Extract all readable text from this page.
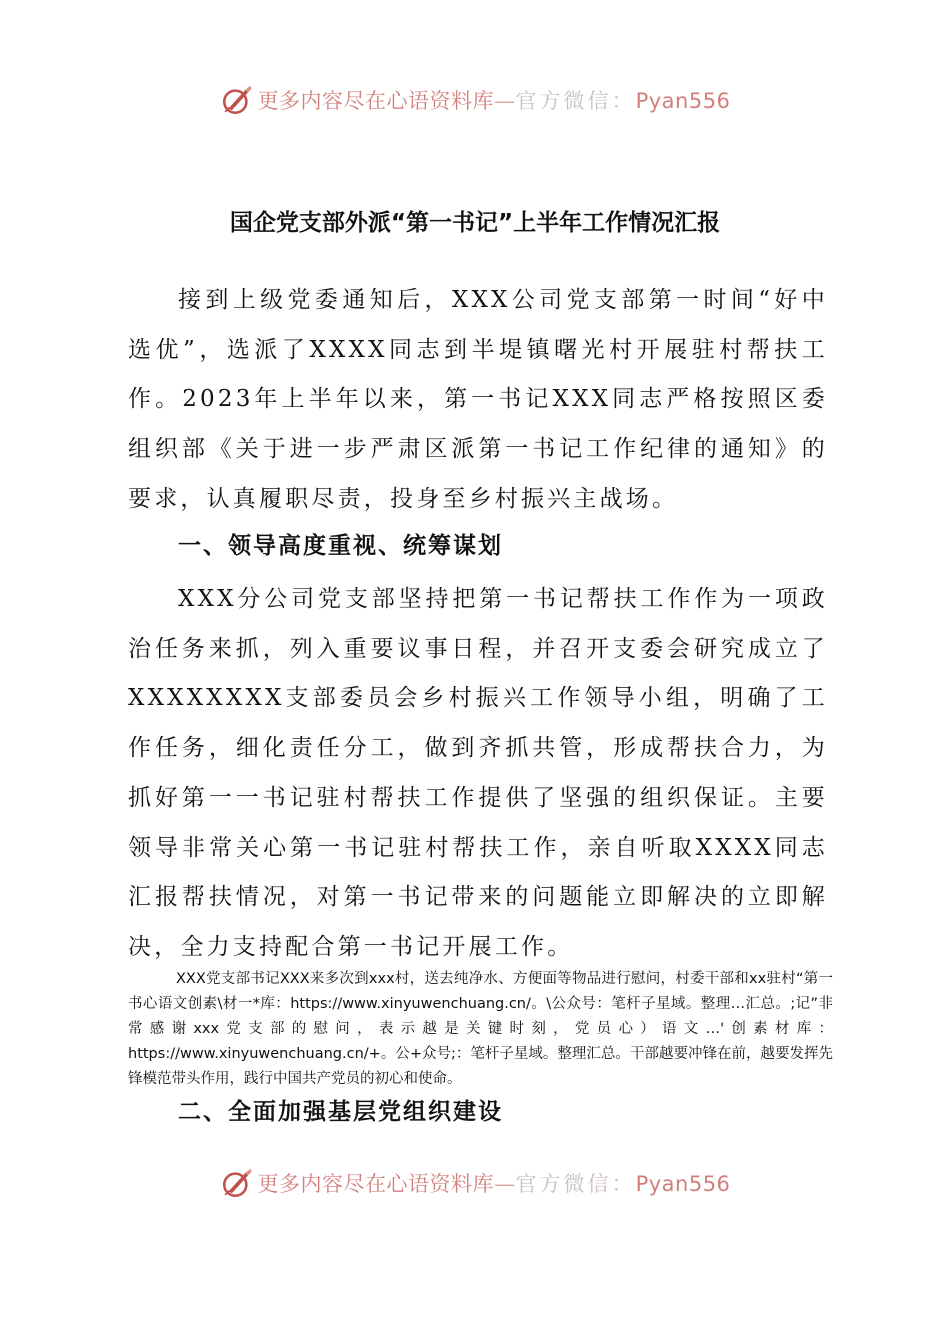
更多内容尽在心语资料库—官方微信：Pyan556
国企党支部外派“第一书记”上半年工作情况汇报

接到上级党委通知后，XXX公司党支部第一时间“好中选优”，选派了XXXX同志到半堤镇曙光村开展驻村帮扶工作。2023年上半年以来，第一书记XXX同志严格按照区委组织部《关于进一步严肃区派第一书记工作纪律的通知》的要求，认真履职尽责，投身至乡村振兴主战场。

一、领导高度重视、统筹谋划

XXX分公司党支部坚持把第一书记帮扶工作作为一项政治任务来抓，列入重要议事日程，并召开支委会研究成立了XXXXXXXX支部委员会乡村振兴工作领导小组，明确了工作任务，细化责任分工，做到齐抓共管，形成帮扶合力，为抓好第一一书记驻村帮扶工作提供了坚强的组织保证。主要领导非常关心第一书记驻村帮扶工作，亲自听取XXXX同志汇报帮扶情况，对第一书记带来的问题能立即解决的立即解决，全力支持配合第一书记开展工作。

XXX党支部书记XXX来多次到xxx村，送去纯净水、方便面等物品进行慰问，村委干部和xx驻村“第一书心语文创素\材一*库：https://www.xinyuwenchuang.cn/。\公众号：笔杆子星域。整理…汇总。;记”非常感谢xxx党支部的慰问，表示越是关键时刻，党员心）语文…'创素材库：https://www.xinyuwenchuang.cn/+。公+众号;：笔杆子星域。整理汇总。干部越要冲锋在前，越要发挥先锋模范带头作用，践行中国共产党员的初心和使命。

二、全面加强基层党组织建设
更多内容尽在心语资料库—官方微信：Pyan556
